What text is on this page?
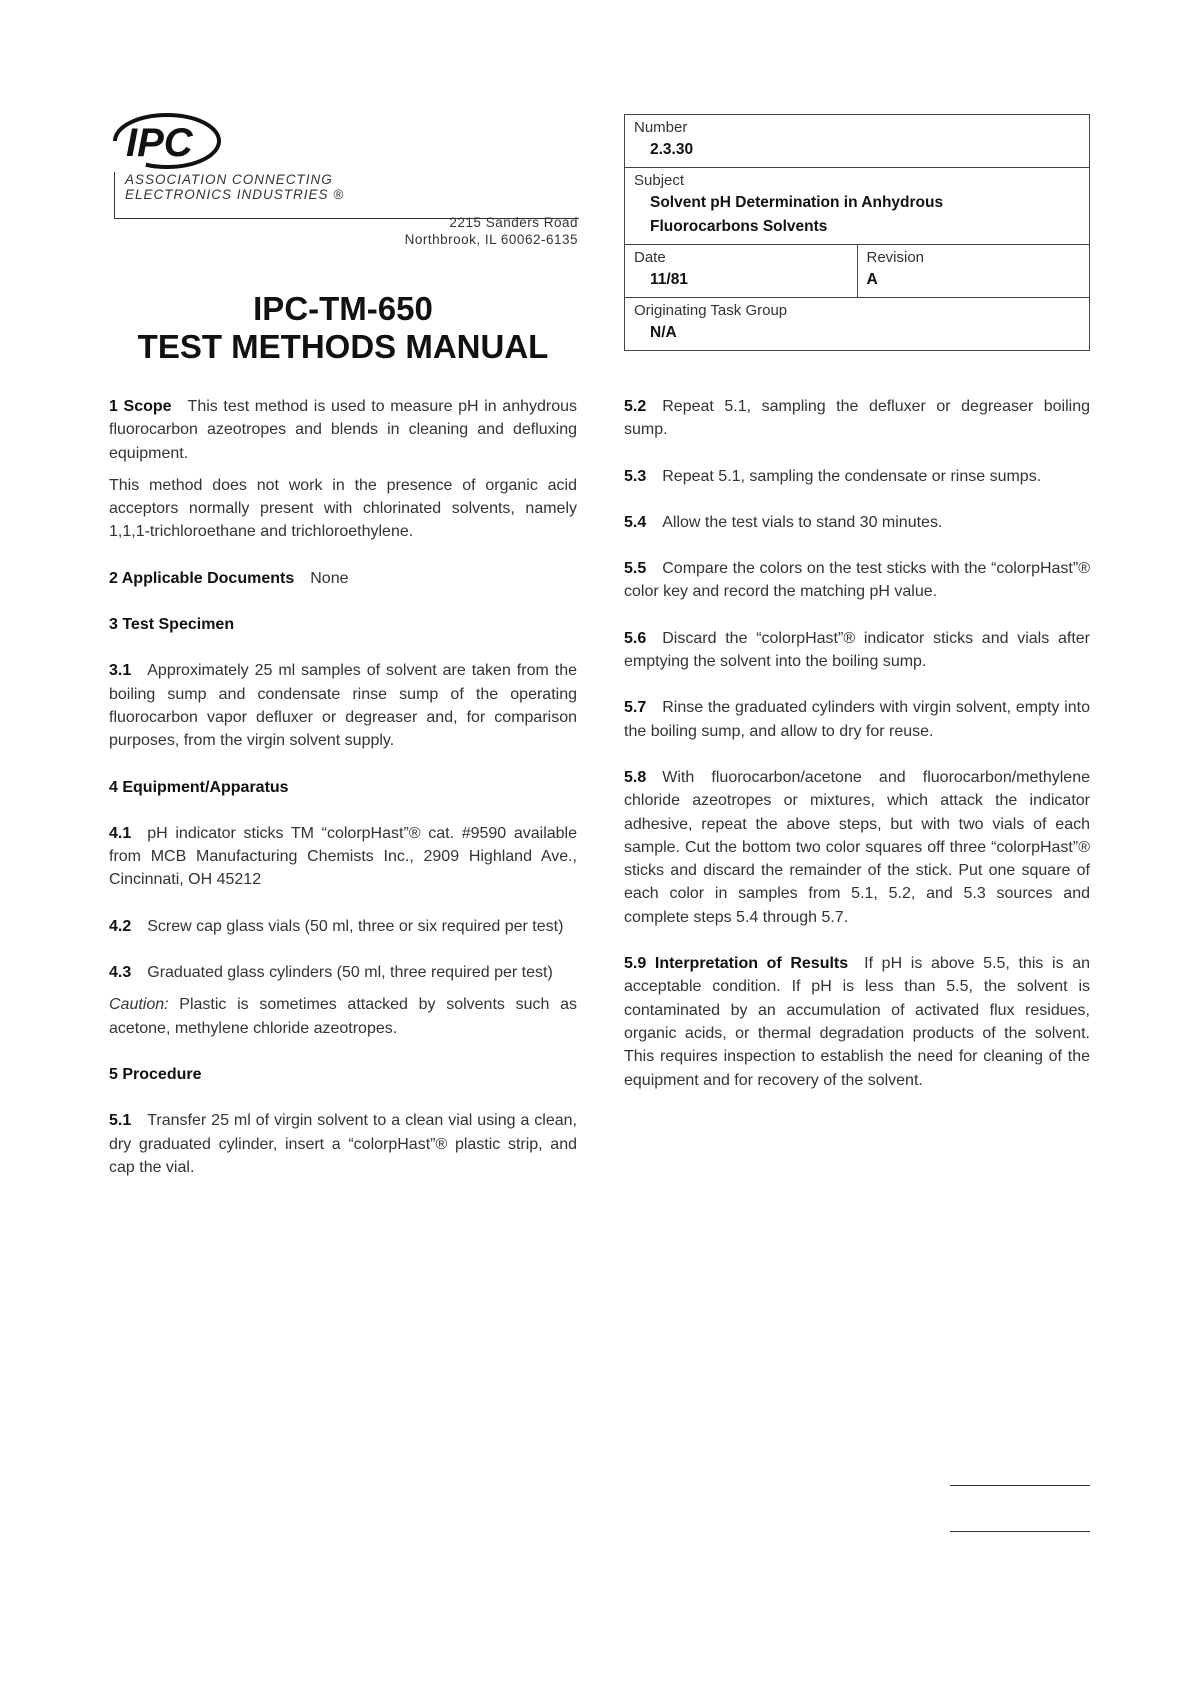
IPC
ASSOCIATION CONNECTING
ELECTRONICS INDUSTRIES ®
2215 Sanders Road
Northbrook, IL 60062-6135
IPC-TM-650
TEST METHODS MANUAL
Number
2.3.30

Subject
Solvent pH Determination in Anhydrous
Fluorocarbons Solvents

Date
11/81

Revision
A

Originating Task Group
N/A

1 Scope  This test method is used to measure pH in anhydrous fluorocarbon azeotropes and blends in cleaning and defluxing equipment.

This method does not work in the presence of organic acid acceptors normally present with chlorinated solvents, namely 1,1,1-trichloroethane and trichloroethylene.

2 Applicable Documents  None

3 Test Specimen 

3.1  Approximately 25 ml samples of solvent are taken from the boiling sump and condensate rinse sump of the operating fluorocarbon vapor defluxer or degreaser and, for comparison purposes, from the virgin solvent supply.

4 Equipment/Apparatus 

4.1  pH indicator sticks TM “colorpHast”® cat. #9590 available from MCB Manufacturing Chemists Inc., 2909 Highland Ave., Cincinnati, OH 45212

4.2  Screw cap glass vials (50 ml, three or six required per test)

4.3  Graduated glass cylinders (50 ml, three required per test)

Caution: Plastic is sometimes attacked by solvents such as acetone, methylene chloride azeotropes.

5 Procedure 

5.1  Transfer 25 ml of virgin solvent to a clean vial using a clean, dry graduated cylinder, insert a “colorpHast”® plastic strip, and cap the vial.

5.2  Repeat 5.1, sampling the defluxer or degreaser boiling sump.

5.3  Repeat 5.1, sampling the condensate or rinse sumps.

5.4  Allow the test vials to stand 30 minutes.

5.5  Compare the colors on the test sticks with the “colorpHast”® color key and record the matching pH value.

5.6  Discard the “colorpHast”® indicator sticks and vials after emptying the solvent into the boiling sump.

5.7  Rinse the graduated cylinders with virgin solvent, empty into the boiling sump, and allow to dry for reuse.

5.8  With fluorocarbon/acetone and fluorocarbon/methylene chloride azeotropes or mixtures, which attack the indicator adhesive, repeat the above steps, but with two vials of each sample. Cut the bottom two color squares off three “colorpHast”® sticks and discard the remainder of the stick. Put one square of each color in samples from 5.1, 5.2, and 5.3 sources and complete steps 5.4 through 5.7.

5.9 Interpretation of Results  If pH is above 5.5, this is an acceptable condition. If pH is less than 5.5, the solvent is contaminated by an accumulation of activated flux residues, organic acids, or thermal degradation products of the solvent. This requires inspection to establish the need for cleaning of the equipment and for recovery of the solvent.
